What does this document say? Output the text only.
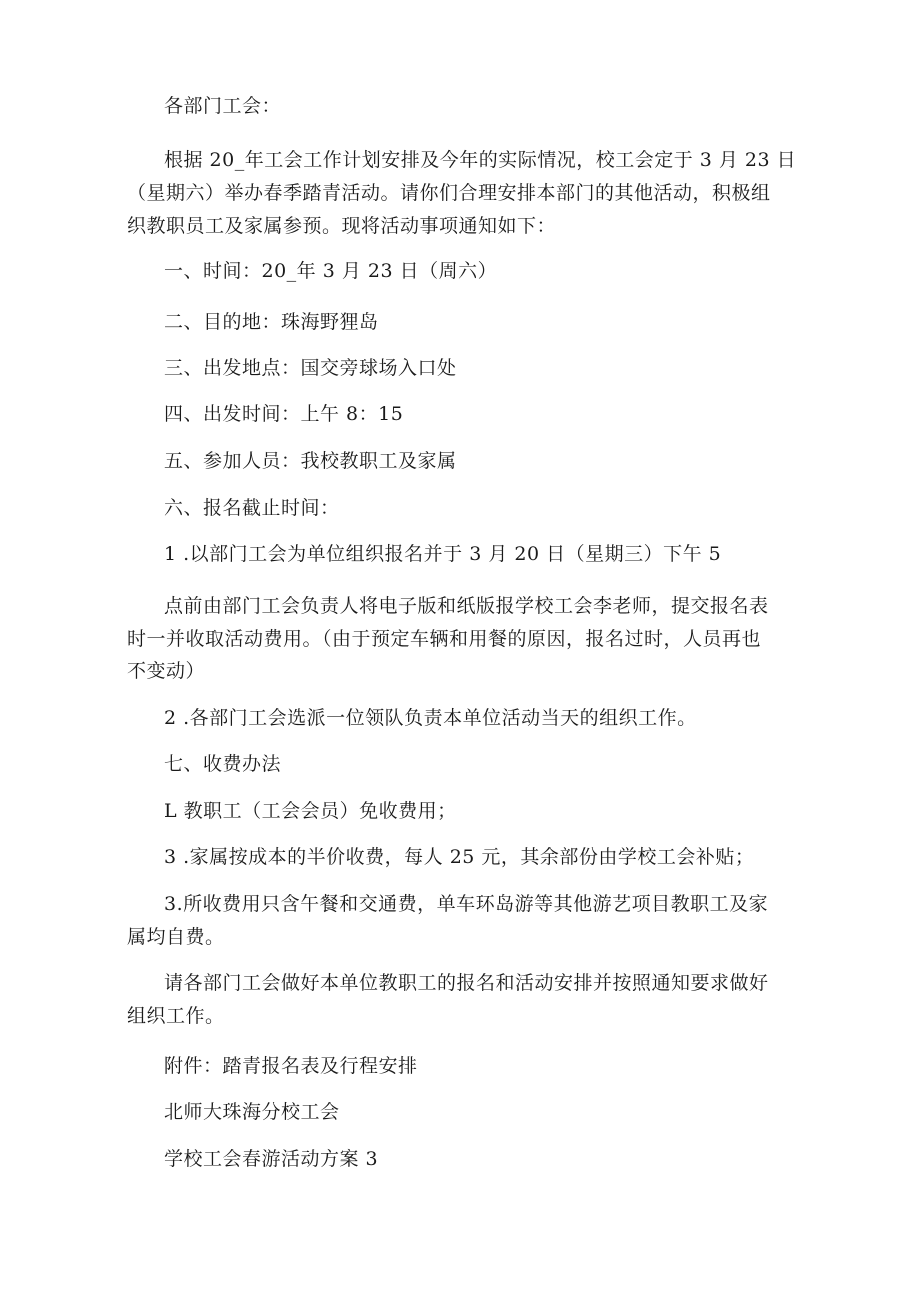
各部门工会：
根据 20_年工会工作计划安排及今年的实际情况，校工会定于 3 月 23 日
（星期六）举办春季踏青活动。请你们合理安排本部门的其他活动，积极组
织教职员工及家属参预。现将活动事项通知如下：
一、时间：20_年 3 月 23 日（周六）
二、目的地：珠海野狸岛
三、出发地点：国交旁球场入口处
四、出发时间：上午 8：15
五、参加人员：我校教职工及家属
六、报名截止时间：
1 .以部门工会为单位组织报名并于 3 月 20 日（星期三）下午 5
点前由部门工会负责人将电子版和纸版报学校工会李老师，提交报名表
时一并收取活动费用。（由于预定车辆和用餐的原因，报名过时，人员再也
不变动）
2 .各部门工会选派一位领队负责本单位活动当天的组织工作。
七、收费办法
L 教职工（工会会员）免收费用；
3 .家属按成本的半价收费，每人 25 元，其余部份由学校工会补贴；
3.所收费用只含午餐和交通费，单车环岛游等其他游艺项目教职工及家
属均自费。
请各部门工会做好本单位教职工的报名和活动安排并按照通知要求做好
组织工作。
附件：踏青报名表及行程安排
北师大珠海分校工会
学校工会春游活动方案 3
